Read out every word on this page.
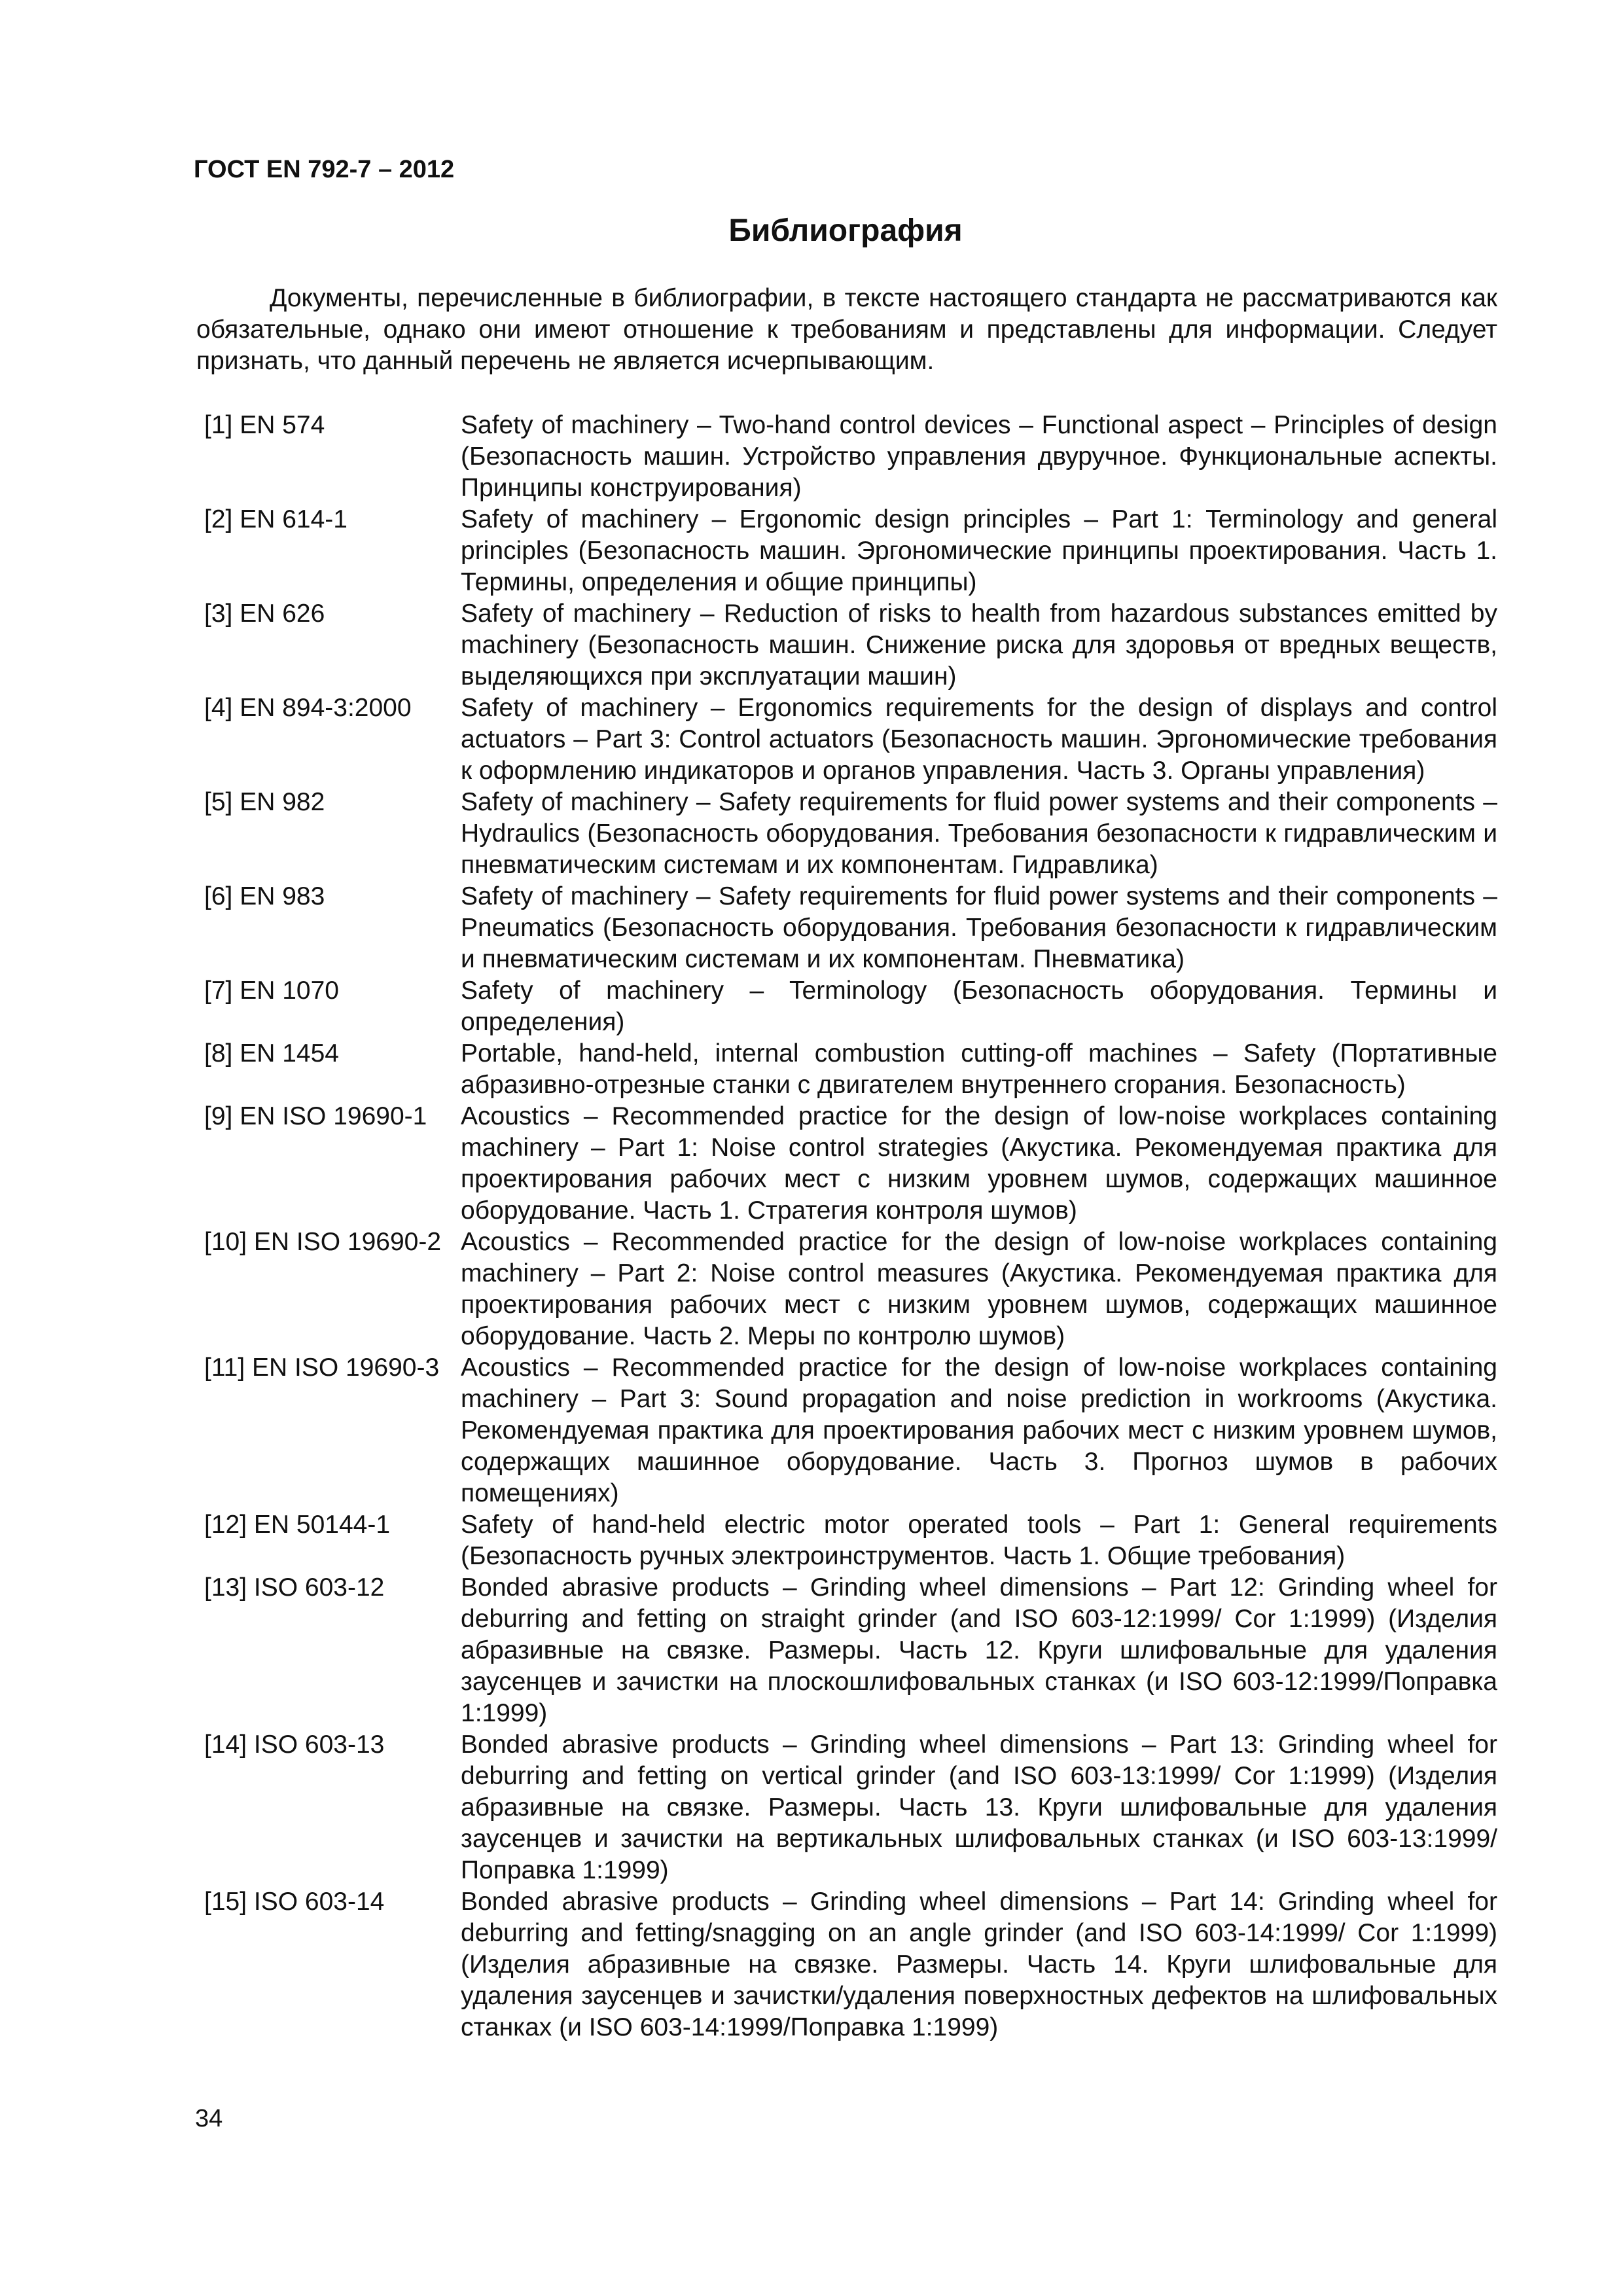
ГОСТ EN 792-7 – 2012
Библиография

Документы, перечисленные в библиографии, в тексте настоящего стандарта не рассматриваются как обязательные, однако они имеют отношение к требованиям и представлены для информации. Следует признать, что данный перечень не является исчерпывающим.

[1] EN 574	Safety of machinery – Two-hand control devices – Functional aspect – Principles of design (Безопасность машин. Устройство управления двуручное. Функциональные аспекты. Принципы конструирования)
[2] EN 614-1	Safety of machinery – Ergonomic design principles – Part 1: Terminology and general principles (Безопасность машин. Эргономические принципы проектирования. Часть 1. Термины, определения и общие принципы)
[3] EN 626	Safety of machinery – Reduction of risks to health from hazardous substances emitted by machinery (Безопасность машин. Снижение риска для здоровья от вредных веществ, выделяющихся при эксплуатации машин)
[4] EN 894-3:2000	Safety of machinery – Ergonomics requirements for the design of displays and control actuators – Part 3: Control actuators (Безопасность машин. Эргономические требования к оформлению индикаторов и органов управления. Часть 3. Органы управления)
[5] EN 982	Safety of machinery – Safety requirements for fluid power systems and their components – Hydraulics (Безопасность оборудования. Требования безопасности к гидравлическим и пневматическим системам и их компонентам. Гидравлика)
[6] EN 983	Safety of machinery – Safety requirements for fluid power systems and their components – Pneumatics (Безопасность оборудования. Требования безопасности к гидравлическим и пневматическим системам и их компонентам. Пневматика)
[7] EN 1070	Safety of machinery – Terminology (Безопасность оборудования. Термины и определения)
[8] EN 1454	Portable, hand-held, internal combustion cutting-off machines – Safety (Портативные абразивно-отрезные станки с двигателем внутреннего сгорания. Безопасность)
[9] EN ISO 19690-1	Acoustics – Recommended practice for the design of low-noise workplaces containing machinery – Part 1: Noise control strategies (Акустика. Рекомендуемая практика для проектирования рабочих мест с низким уровнем шумов, содержащих машинное оборудование. Часть 1. Стратегия контроля шумов)
[10] EN ISO 19690-2 Acoustics – Recommended practice for the design of low-noise workplaces containing machinery – Part 2: Noise control measures (Акустика. Рекомендуемая практика для проектирования рабочих мест с низким уровнем шумов, содержащих машинное оборудование. Часть 2. Меры по контролю шумов)
[11] EN ISO 19690-3 Acoustics – Recommended practice for the design of low-noise workplaces containing machinery – Part 3: Sound propagation and noise prediction in workrooms (Акустика. Рекомендуемая практика для проектирования рабочих мест с низким уровнем шумов, содержащих машинное оборудование. Часть 3. Прогноз шумов в рабочих помещениях)
[12] EN 50144-1	Safety of hand-held electric motor operated tools – Part 1: General requirements (Безопасность ручных электроинструментов. Часть 1. Общие требования)
[13] ISO 603-12	Bonded abrasive products – Grinding wheel dimensions – Part 12: Grinding wheel for deburring and fetting on straight grinder (and ISO 603-12:1999/ Cor 1:1999) (Изделия абразивные на связке. Размеры. Часть 12. Круги шлифовальные для удаления заусенцев и зачистки на плоскошлифовальных станках (и ISO 603-12:1999/Поправка 1:1999)
[14] ISO 603-13	Bonded abrasive products – Grinding wheel dimensions – Part 13: Grinding wheel for deburring and fetting on vertical grinder (and ISO 603-13:1999/ Cor 1:1999) (Изделия абразивные на связке. Размеры. Часть 13. Круги шлифовальные для удаления заусенцев и зачистки на вертикальных шлифовальных станках (и ISO 603-13:1999/Поправка 1:1999)
[15] ISO 603-14	Bonded abrasive products – Grinding wheel dimensions – Part 14: Grinding wheel for deburring and fetting/snagging on an angle grinder (and ISO 603-14:1999/ Cor 1:1999) (Изделия абразивные на связке. Размеры. Часть 14. Круги шлифовальные для удаления заусенцев и зачистки/удаления поверхностных дефектов на шлифовальных станках (и ISO 603-14:1999/Поправка 1:1999)
34
